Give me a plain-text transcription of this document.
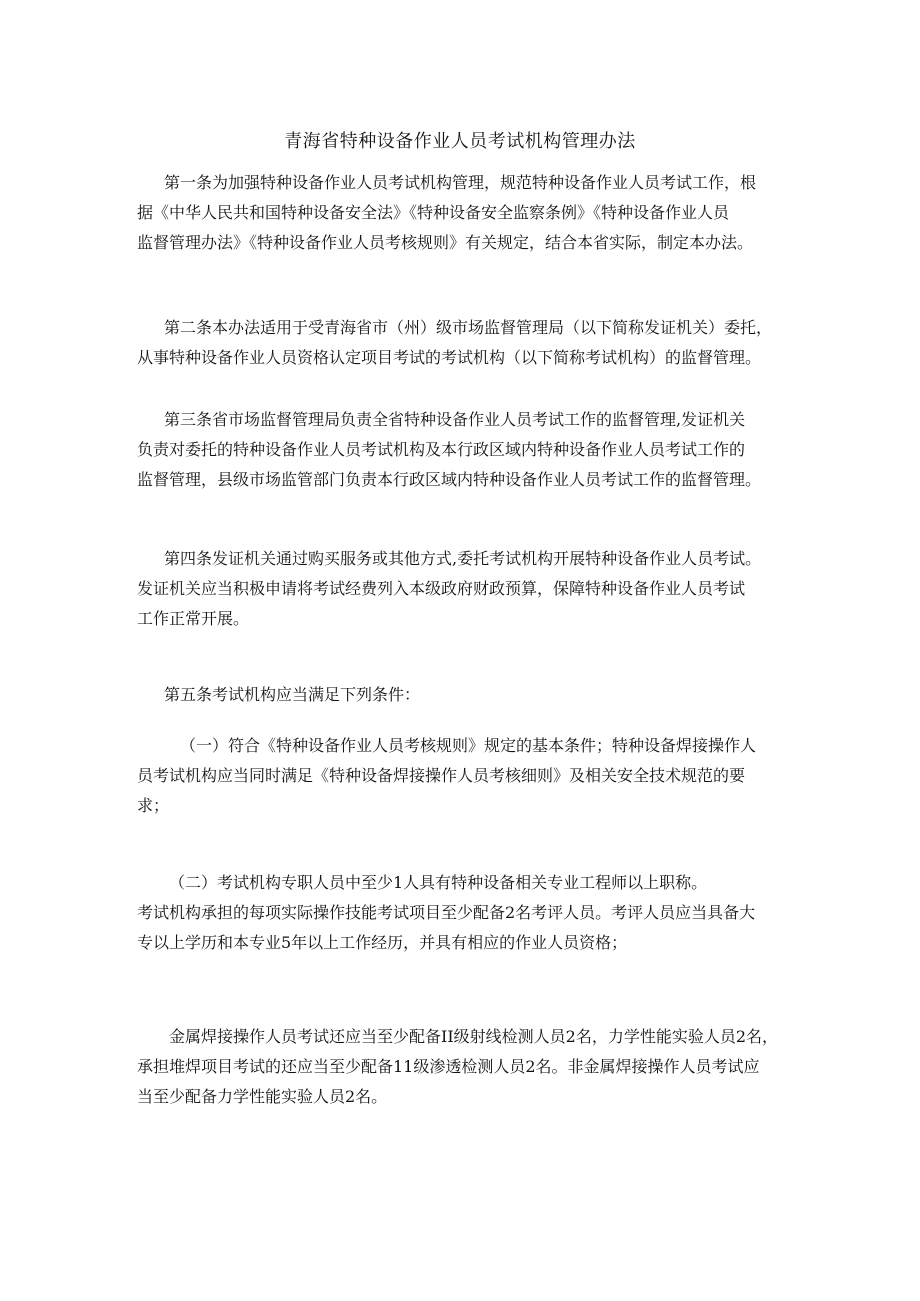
青海省特种设备作业人员考试机构管理办法

第一条为加强特种设备作业人员考试机构管理，规范特种设备作业人员考试工作，根
据《中华人民共和国特种设备安全法》《特种设备安全监察条例》《特种设备作业人员
监督管理办法》《特种设备作业人员考核规则》有关规定，结合本省实际，制定本办法。

第二条本办法适用于受青海省市（州）级市场监督管理局（以下简称发证机关）委托，
从事特种设备作业人员资格认定项目考试的考试机构（以下简称考试机构）的监督管理。

第三条省市场监督管理局负责全省特种设备作业人员考试工作的监督管理,发证机关
负责对委托的特种设备作业人员考试机构及本行政区域内特种设备作业人员考试工作的
监督管理，县级市场监管部门负责本行政区域内特种设备作业人员考试工作的监督管理。

第四条发证机关通过购买服务或其他方式,委托考试机构开展特种设备作业人员考试。
发证机关应当积极申请将考试经费列入本级政府财政预算，保障特种设备作业人员考试
工作正常开展。

第五条考试机构应当满足下列条件：

（一）符合《特种设备作业人员考核规则》规定的基本条件；特种设备焊接操作人
员考试机构应当同时满足《特种设备焊接操作人员考核细则》及相关安全技术规范的要
求；

（二）考试机构专职人员中至少1人具有特种设备相关专业工程师以上职称。
考试机构承担的每项实际操作技能考试项目至少配备2名考评人员。考评人员应当具备大
专以上学历和本专业5年以上工作经历，并具有相应的作业人员资格；

金属焊接操作人员考试还应当至少配备II级射线检测人员2名，力学性能实验人员2名，
承担堆焊项目考试的还应当至少配备11级渗透检测人员2名。非金属焊接操作人员考试应
当至少配备力学性能实验人员2名。
